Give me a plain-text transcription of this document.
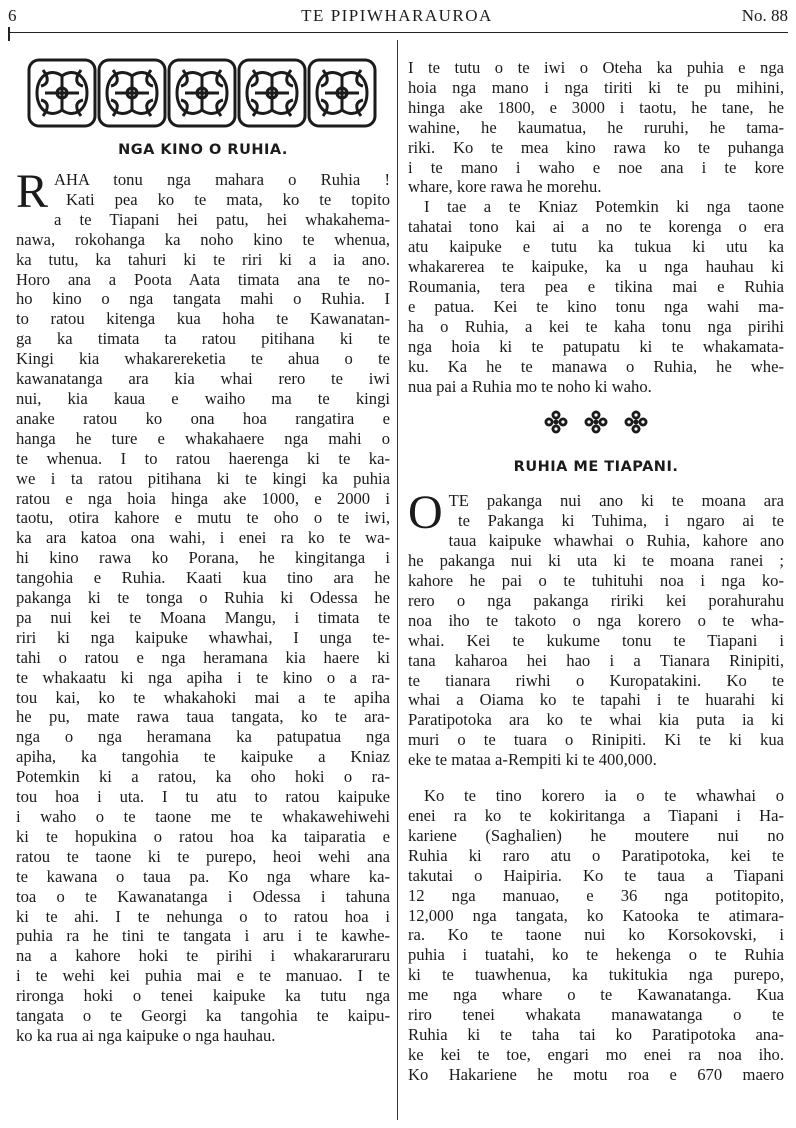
6	TE PIPIWHARAUROA	No. 88
NGA KINO O RUHIA.
R AHA tonu nga mahara o Ruhia !
Kati pea ko te mata, ko te topito
a te Tiapani hei patu, hei whakahema-
nawa, rokohanga ka noho kino te whenua,
ka tutu, ka tahuri ki te riri ki a ia ano.
Horo ana a Poota Aata timata ana te no-
ho kino o nga tangata mahi o Ruhia. I
to ratou kitenga kua hoha te Kawanatan-
ga ka timata ta ratou pitihana ki te
Kingi kia whakarereketia te ahua o te
kawanatanga ara kia whai rero te iwi
nui, kia kaua e waiho ma te kingi
anake ratou ko ona hoa rangatira e
hanga he ture e whakahaere nga mahi o
te whenua. I to ratou haerenga ki te ka-
we i ta ratou pitihana ki te kingi ka puhia
ratou e nga hoia hinga ake 1000, e 2000 i
taotu, otira kahore e mutu te oho o te iwi,
ka ara katoa ona wahi, i enei ra ko te wa-
hi kino rawa ko Porana, he kingitanga i
tangohia e Ruhia. Kaati kua tino ara he
pakanga ki te tonga o Ruhia ki Odessa he
pa nui kei te Moana Mangu, i timata te
riri ki nga kaipuke whawhai, I unga te-
tahi o ratou e nga heramana kia haere ki
te whakaatu ki nga apiha i te kino o a ra-
tou kai, ko te whakahoki mai a te apiha
he pu, mate rawa taua tangata, ko te ara-
nga o nga heramana ka patupatua nga
apiha, ka tangohia te kaipuke a Kniaz
Potemkin ki a ratou, ka oho hoki o ra-
tou hoa i uta. I tu atu to ratou kaipuke
i waho o te taone me te whakawehiwehi
ki te hopukina o ratou hoa ka taiparatia e
ratou te taone ki te purepo, heoi wehi ana
te kawana o taua pa. Ko nga whare ka-
toa o te Kawanatanga i Odessa i tahuna
ki te ahi. I te nehunga o to ratou hoa i
puhia ra he tini te tangata i aru i te kawhe-
na a kahore hoki te pirihi i whakararuraru
i te wehi kei puhia mai e te manuao. I te
rironga hoki o tenei kaipuke ka tutu nga
tangata o te Georgi ka tangohia te kaipu-
ko ka rua ai nga kaipuke o nga hauhau.
I te tutu o te iwi o Oteha ka puhia e nga
hoia nga mano i nga tiriti ki te pu mihini,
hinga ake 1800, e 3000 i taotu, he tane, he
wahine, he kaumatua, he ruruhi, he tama-
riki. Ko te mea kino rawa ko te puhanga
i te mano i waho e noe ana i te kore
whare, kore rawa he morehu.
I tae a te Kniaz Potemkin ki nga taone
tahatai tono kai ai a no te korenga o era
atu kaipuke e tutu ka tukua ki utu ka
whakarerea te kaipuke, ka u nga hauhau ki
Roumania, tera pea e tikina mai e Ruhia
e patua. Kei te kino tonu nga wahi ma-
ha o Ruhia, a kei te kaha tonu nga pirihi
nga hoia ki te patupatu ki te whakamata-
ku. Ka he te manawa o Ruhia, he whe-
nua pai a Ruhia mo te noho ki waho.

RUHIA ME TIAPANI.
O TE pakanga nui ano ki te moana ara
te Pakanga ki Tuhima, i ngaro ai te
taua kaipuke whawhai o Ruhia, kahore ano
he pakanga nui ki uta ki te moana ranei ;
kahore he pai o te tuhituhi noa i nga ko-
rero o nga pakanga ririki kei porahurahu
noa iho te takoto o nga korero o te wha-
whai. Kei te kukume tonu te Tiapani i
tana kaharoa hei hao i a Tianara Rinipiti,
te tianara riwhi o Kuropatakini. Ko te
whai a Oiama ko te tapahi i te huarahi ki
Paratipotoka ara ko te whai kia puta ia ki
muri o te tuara o Rinipiti. Ki te ki kua
eke te mataa a-Rempiti ki te 400,000.
Ko te tino korero ia o te whawhai o
enei ra ko te kokiritanga a Tiapani i Ha-
kariene (Saghalien) he moutere nui no
Ruhia ki raro atu o Paratipotoka, kei te
takutai o Haipiria. Ko te taua a Tiapani
12 nga manuao, e 36 nga potitopito,
12,000 nga tangata, ko Katooka te atimara-
ra. Ko te taone nui ko Korsokovski, i
puhia i tuatahi, ko te hekenga o te Ruhia
ki te tuawhenua, ka tukitukia nga purepo,
me nga whare o te Kawanatanga. Kua
riro tenei whakata manawatanga o te
Ruhia ki te taha tai ko Paratipotoka ana-
ke kei te toe, engari mo enei ra noa iho.
Ko Hakariene he motu roa e 670 maero
